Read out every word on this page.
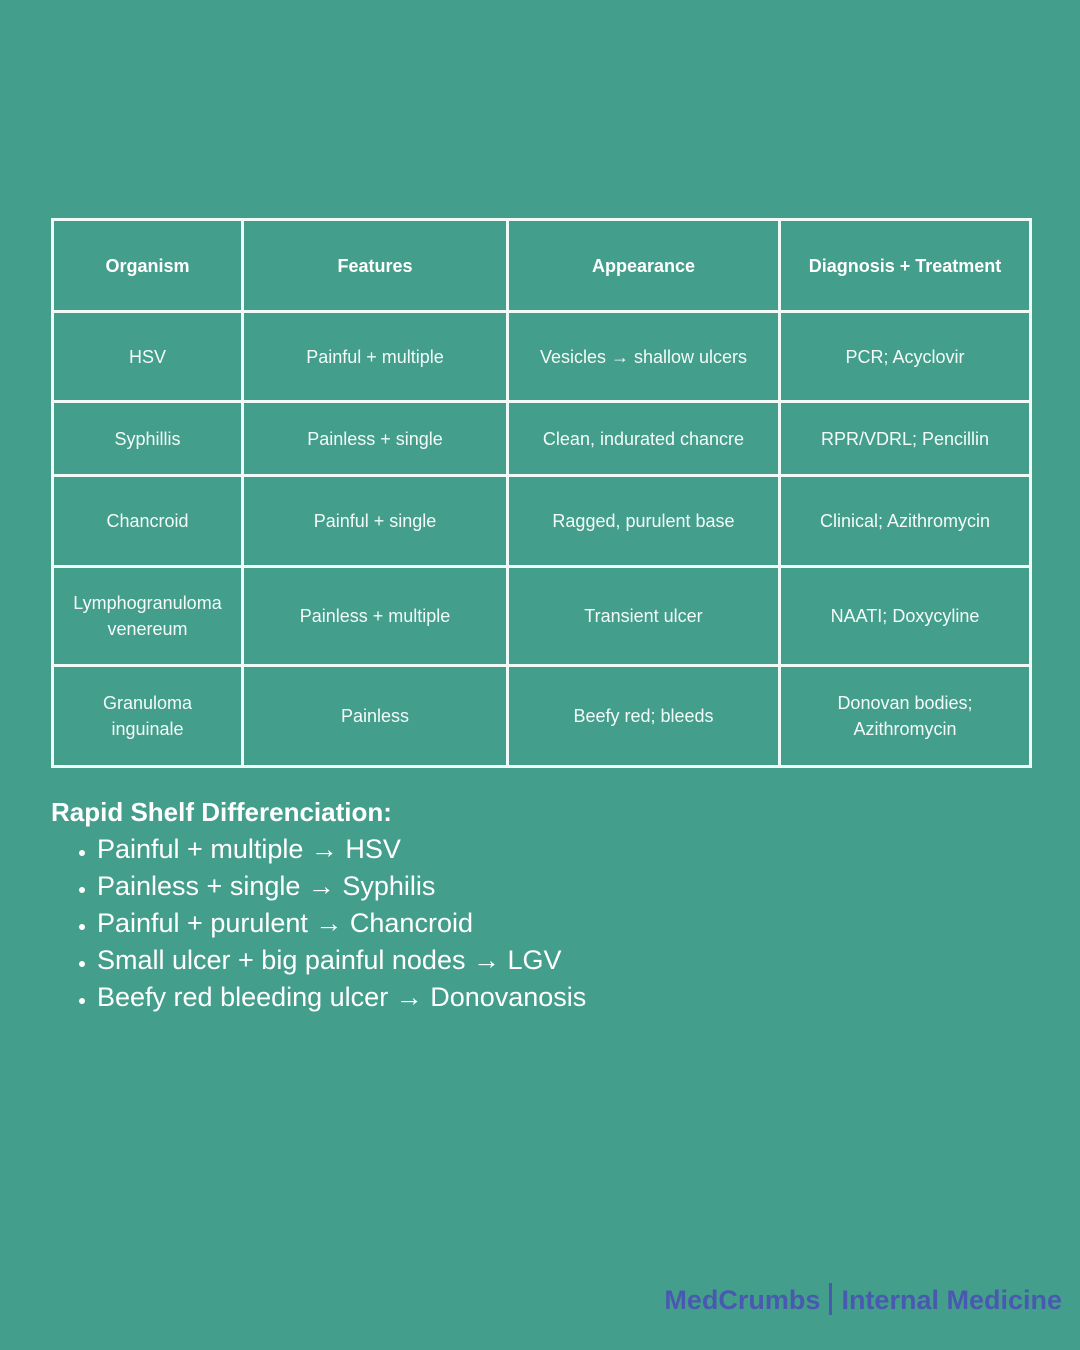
Organism	Features	Appearance	Diagnosis + Treatment
HSV	Painful + multiple	Vesicles → shallow ulcers	PCR; Acyclovir
Syphillis	Painless + single	Clean, indurated chancre	RPR/VDRL; Pencillin
Chancroid	Painful + single	Ragged, purulent base	Clinical; Azithromycin
Lymphogranuloma venereum	Painless + multiple	Transient ulcer	NAATI; Doxycyline
Granuloma inguinale	Painless	Beefy red; bleeds	Donovan bodies; Azithromycin

Rapid Shelf Differenciation:

• Painful + multiple → HSV
• Painless + single → Syphilis
• Painful + purulent → Chancroid
• Small ulcer + big painful nodes → LGV
• Beefy red bleeding ulcer → Donovanosis
MedCrumbs Internal Medicine
